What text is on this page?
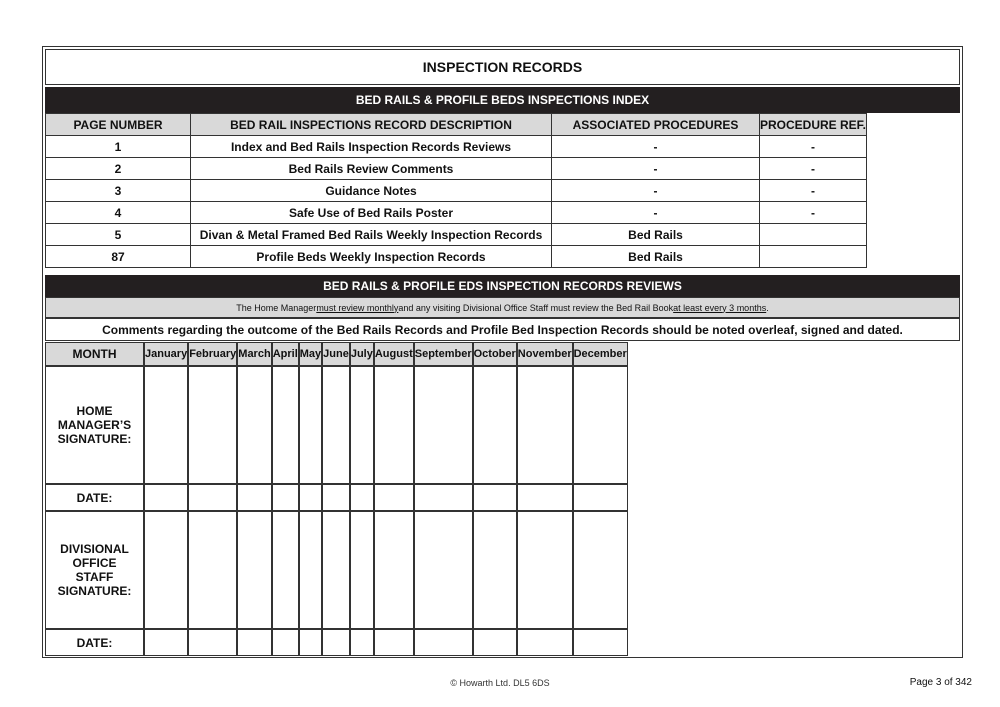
INSPECTION RECORDS
BED RAILS & PROFILE BEDS INSPECTIONS INDEX
PAGE NUMBER	BED RAIL INSPECTIONS RECORD DESCRIPTION	ASSOCIATED PROCEDURES	PROCEDURE REF.
1	Index and Bed Rails Inspection Records Reviews	-	-
2	Bed Rails Review Comments	-	-
3	Guidance Notes	-	-
4	Safe Use of Bed Rails Poster	-	-
5	Divan & Metal Framed Bed Rails Weekly Inspection Records	Bed Rails	
87	Profile Beds Weekly Inspection Records	Bed Rails	
BED RAILS & PROFILE EDS INSPECTION RECORDS REVIEWS
The Home Manager must review monthly and any visiting Divisional Office Staff must review the Bed Rail Book at least every 3 months .
Comments regarding the outcome of the Bed Rails Records and Profile Bed Inspection Records should be noted overleaf, signed and dated.
MONTH	January	February	March	April	May	June	July	August	September	October	November	December
HOME MANAGER’S SIGNATURE:												
DATE:												
DIVISIONAL OFFICE STAFF SIGNATURE:												
DATE:												
© Howarth Ltd. DL5 6DS	Page 3 of 342
